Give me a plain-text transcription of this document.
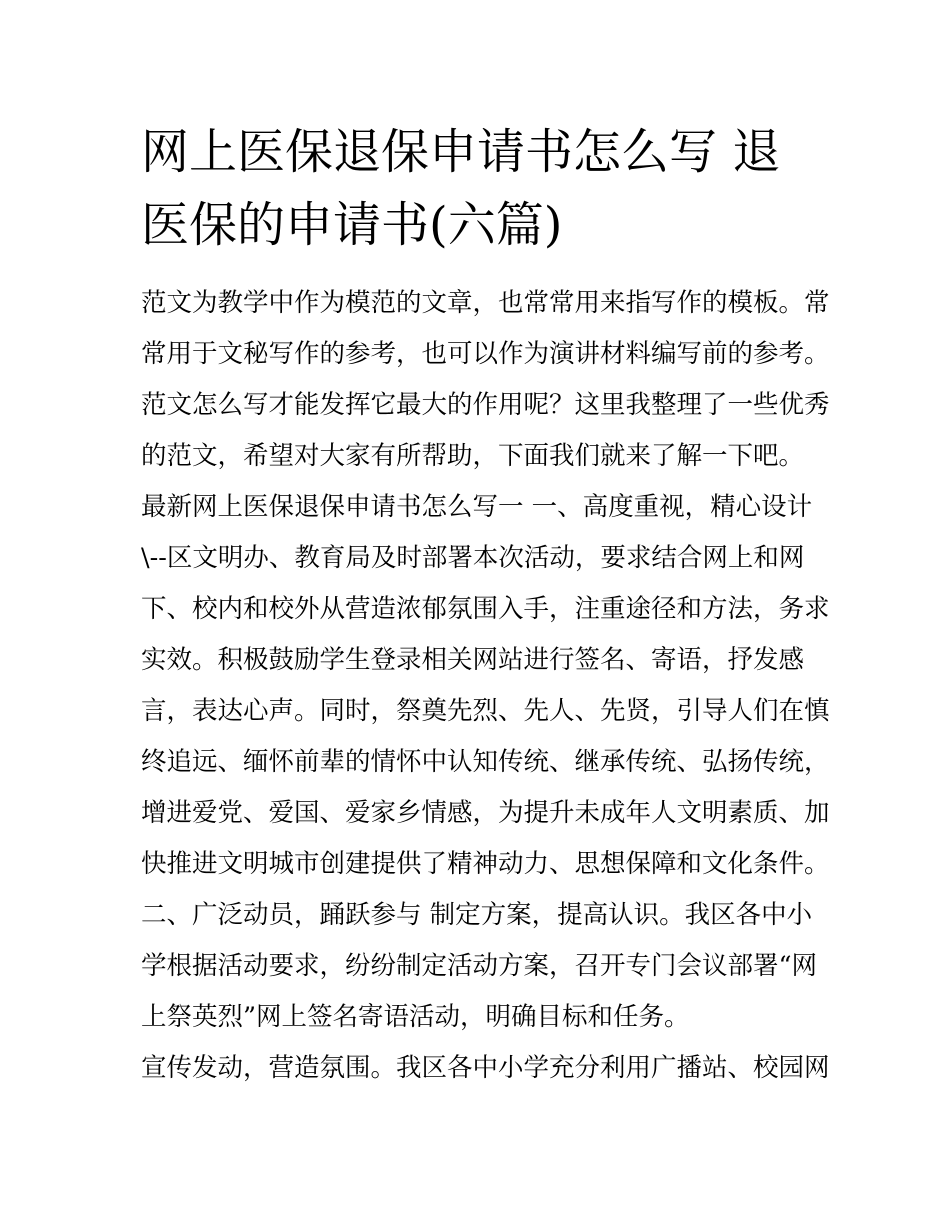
网上医保退保申请书怎么写 退
医保的申请书(六篇)
范文为教学中作为模范的文章，也常常用来指写作的模板。常
常用于文秘写作的参考，也可以作为演讲材料编写前的参考。
范文怎么写才能发挥它最大的作用呢？这里我整理了一些优秀
的范文，希望对大家有所帮助，下面我们就来了解一下吧。
最新网上医保退保申请书怎么写一 一、高度重视，精心设计
\--区文明办、教育局及时部署本次活动，要求结合网上和网
下、校内和校外从营造浓郁氛围入手，注重途径和方法，务求
实效。积极鼓励学生登录相关网站进行签名、寄语，抒发感
言，表达心声。同时，祭奠先烈、先人、先贤，引导人们在慎
终追远、缅怀前辈的情怀中认知传统、继承传统、弘扬传统，
增进爱党、爱国、爱家乡情感，为提升未成年人文明素质、加
快推进文明城市创建提供了精神动力、思想保障和文化条件。
二、广泛动员，踊跃参与 制定方案，提高认识。我区各中小
学根据活动要求，纷纷制定活动方案，召开专门会议部署“网
上祭英烈”网上签名寄语活动，明确目标和任务。
宣传发动，营造氛围。我区各中小学充分利用广播站、校园网
